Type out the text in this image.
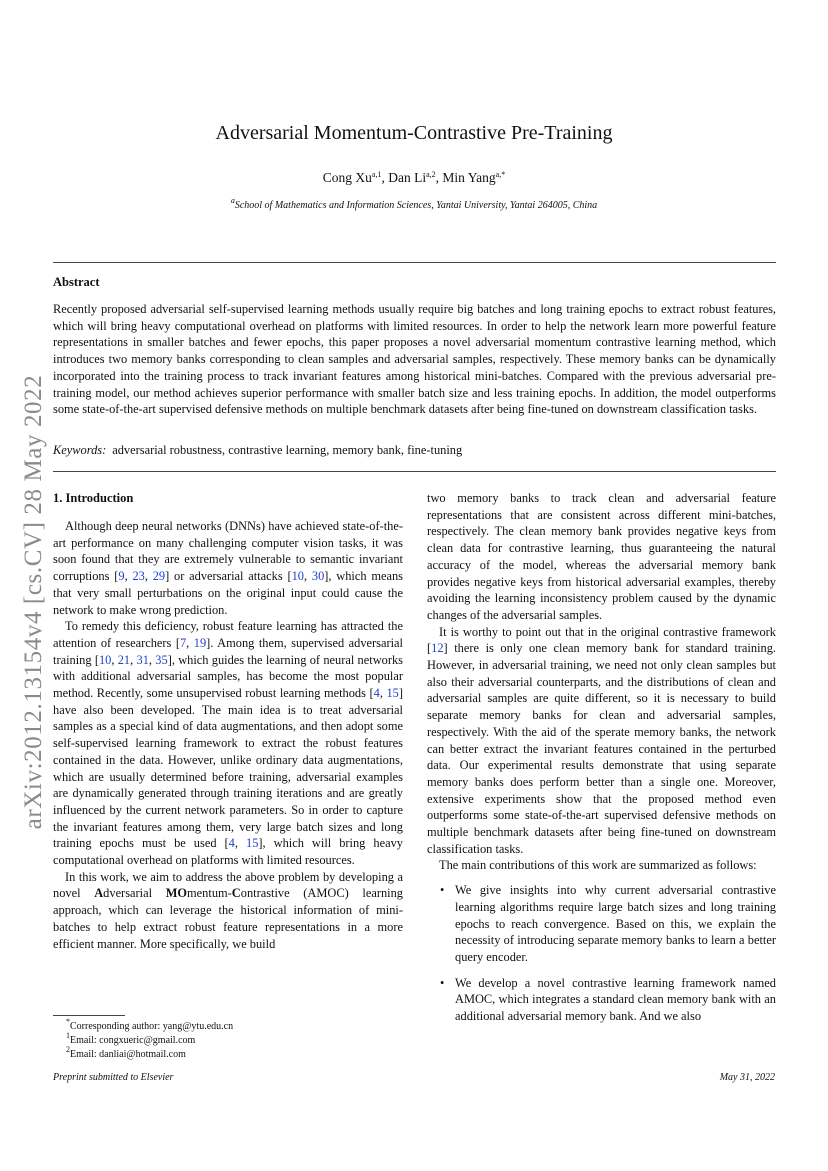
arXiv:2012.13154v4 [cs.CV] 28 May 2022
Adversarial Momentum-Contrastive Pre-Training
Cong Xu$^{a,1}$, Dan Li$^{a,2}$, Min Yang$^{a,*}$
$^a$School of Mathematics and Information Sciences, Yantai University, Yantai 264005, China
Abstract
Recently proposed adversarial self-supervised learning methods usually require big batches and long training epochs to extract robust features, which will bring heavy computational overhead on platforms with limited resources. In order to help the network learn more powerful feature representations in smaller batches and fewer epochs, this paper proposes a novel adversarial momentum contrastive learning method, which introduces two memory banks corresponding to clean samples and adversarial samples, respectively. These memory banks can be dynamically incorporated into the training process to track invariant features among historical mini-batches. Compared with the previous adversarial pre-training model, our method achieves superior performance with smaller batch size and less training epochs. In addition, the model outperforms some state-of-the-art supervised defensive methods on multiple benchmark datasets after being fine-tuned on downstream classification tasks.
Keywords: adversarial robustness, contrastive learning, memory bank, fine-tuning
1. Introduction

Although deep neural networks (DNNs) have achieved state-of-the-art performance on many challenging computer vision tasks, it was soon found that they are extremely vulnerable to semantic invariant corruptions [9, 23, 29] or adversarial attacks [10, 30], which means that very small perturbations on the original input could cause the network to make wrong prediction.

To remedy this deficiency, robust feature learning has attracted the attention of researchers [7, 19]. Among them, supervised adversarial training [10, 21, 31, 35], which guides the learning of neural networks with additional adversarial samples, has become the most popular method. Recently, some unsupervised robust learning methods [4, 15] have also been developed. The main idea is to treat adversarial samples as a special kind of data augmentations, and then adopt some self-supervised learning framework to extract the robust features contained in the data. However, unlike ordinary data augmentations, which are usually determined before training, adversarial examples are dynamically generated through training iterations and are greatly influenced by the current network parameters. So in order to capture the invariant features among them, very large batch sizes and long training epochs must be used [4, 15], which will bring heavy computational overhead on platforms with limited resources.

In this work, we aim to address the above problem by developing a novel Adversarial MOmentum-Contrastive (AMOC) learning approach, which can leverage the historical information of mini-batches to help extract robust feature representations in a more efficient manner. More specifically, we build

two memory banks to track clean and adversarial feature representations that are consistent across different mini-batches, respectively. The clean memory bank provides negative keys from clean data for contrastive learning, thus guaranteeing the natural accuracy of the model, whereas the adversarial memory bank provides negative keys from historical adversarial examples, thereby avoiding the learning inconsistency problem caused by the dynamic changes of the adversarial samples.

It is worthy to point out that in the original contrastive framework [12] there is only one clean memory bank for standard training. However, in adversarial training, we need not only clean samples but also their adversarial counterparts, and the distributions of clean and adversarial samples are quite different, so it is necessary to build separate memory banks for clean and adversarial samples, respectively. With the aid of the sperate memory banks, the network can better extract the invariant features contained in the perturbed data. Our experimental results demonstrate that using separate memory banks does perform better than a single one. Moreover, extensive experiments show that the proposed method even outperforms some state-of-the-art supervised defensive methods on multiple benchmark datasets after being fine-tuned on downstream classification tasks.

The main contributions of this work are summarized as follows:

• We give insights into why current adversarial contrastive learning algorithms require large batch sizes and long training epochs to reach convergence. Based on this, we explain the necessity of introducing separate memory banks to learn a better query encoder.
• We develop a novel contrastive learning framework named AMOC, which integrates a standard clean memory bank with an additional adversarial memory bank. And we also
*Corresponding author: yang@ytu.edu.cn
$^1$Email: congxueric@gmail.com
$^2$Email: danliai@hotmail.com
Preprint submitted to Elsevier	May 31, 2022
